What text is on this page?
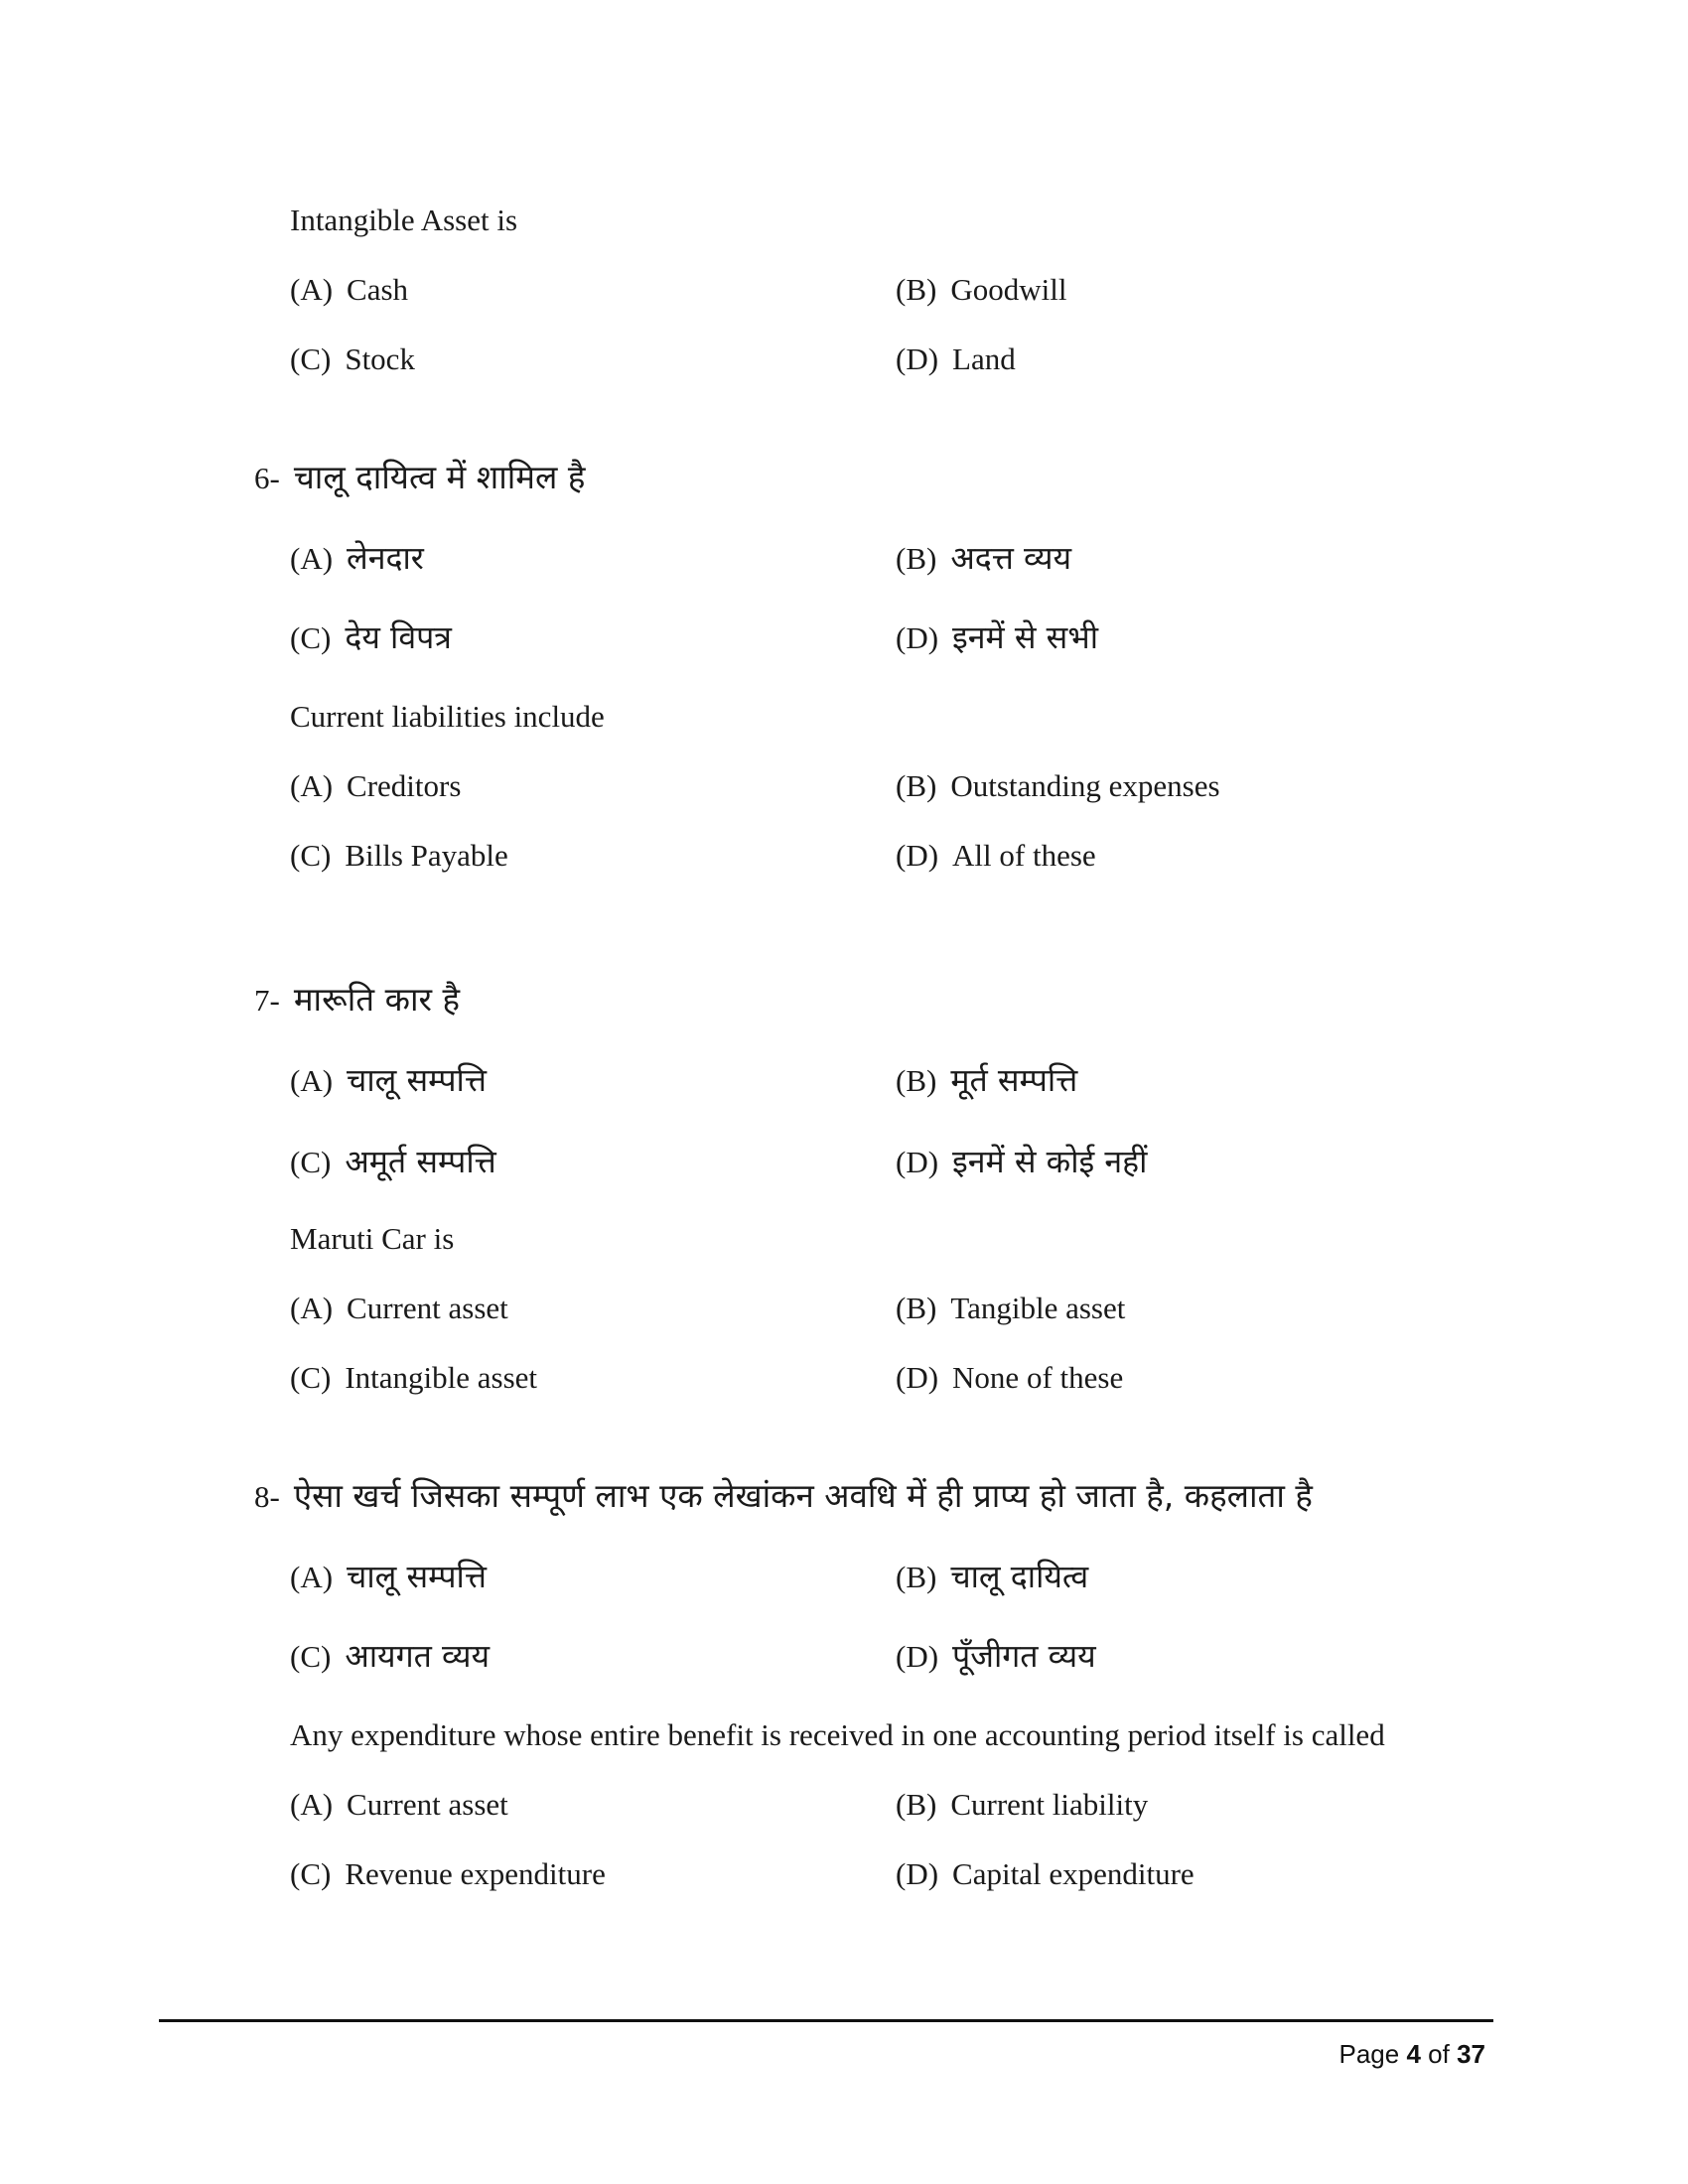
Intangible Asset is
(A) Cash	(B) Goodwill
(C) Stock	(D) Land
6- चालू दायित्व में शामिल है
(A) लेनदार	(B) अदत्त व्यय
(C) देय विपत्र	(D) इनमें से सभी
Current liabilities include
(A) Creditors	(B) Outstanding expenses
(C) Bills Payable	(D) All of these
7- मारूति कार है
(A) चालू सम्पत्ति	(B) मूर्त सम्पत्ति
(C) अमूर्त सम्पत्ति	(D) इनमें से कोई नहीं
Maruti Car is
(A) Current asset	(B) Tangible asset
(C) Intangible asset	(D) None of these
8- ऐसा खर्च जिसका सम्पूर्ण लाभ एक लेखांकन अवधि में ही प्राप्य हो जाता है, कहलाता है
(A) चालू सम्पत्ति	(B) चालू दायित्व
(C) आयगत व्यय	(D) पूँजीगत व्यय
Any expenditure whose entire benefit is received in one accounting period itself is called
(A) Current asset	(B) Current liability
(C) Revenue expenditure	(D) Capital expenditure
Page 4 of 37
